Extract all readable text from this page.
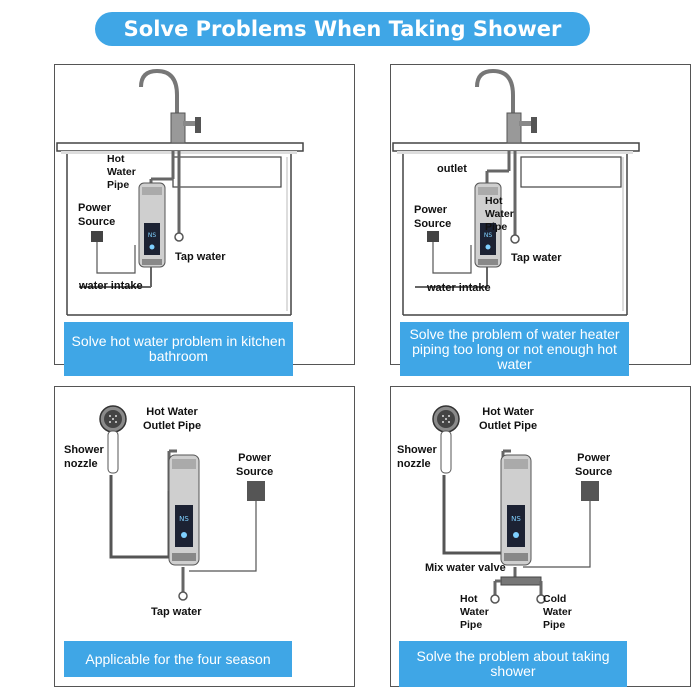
Solve Problems When Taking Shower
NS
Hot
Water
Pipe
Power
Source
Tap water
water intake
Solve hot water problem in kitchen bathroom
NS
outlet
Hot
Water
Pipe
Power
Source
Tap water
water intake
Solve the problem of water heater piping too long or not enough hot water
NS
Hot Water
Outlet Pipe
Shower
nozzle	Power
Source
Tap water
Applicable for the four season
NS
Hot Water
Outlet Pipe
Shower
nozzle	Power
Source
Mix water valve
Hot
Water
Pipe
Cold
Water
Pipe
Solve the problem about taking shower
